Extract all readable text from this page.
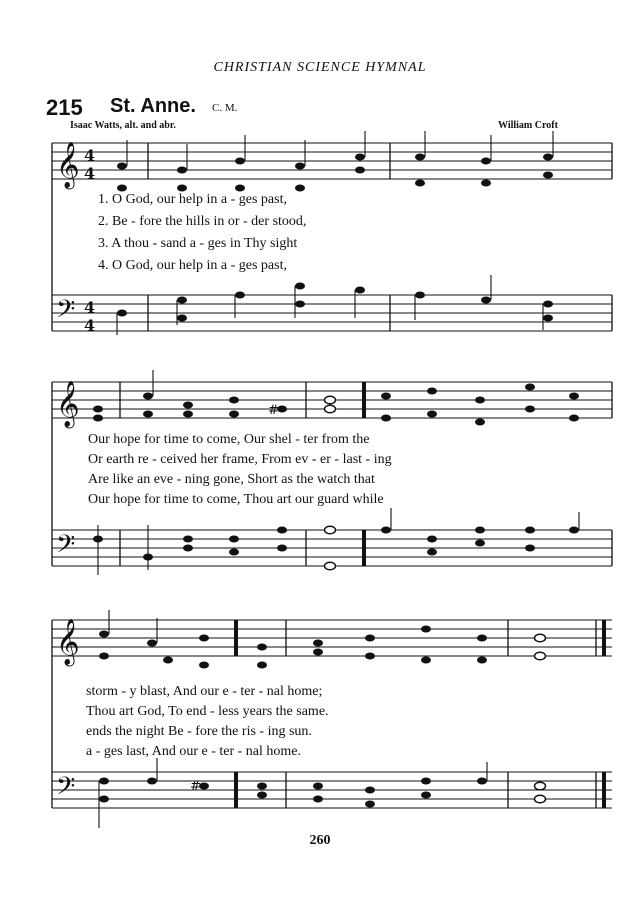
CHRISTIAN SCIENCE HYMNAL
215 St. Anne. C. M.
Isaac Watts, alt. and abr.	William Croft
𝄞
𝄢
4
4
4
4
𝄞
𝄢
#
𝄞
𝄢	#
1. O God, our help in a - ges past,
2. Be - fore the hills in or - der stood,
3. A thou - sand a - ges in Thy sight
4. O God, our help in a - ges past,
Our hope for time to come, Our shel - ter from the
Or earth re - ceived her frame, From ev - er - last - ing
Are like an eve - ning gone, Short as the watch that
Our hope for time to come, Thou art our guard while
storm - y blast, And our e - ter - nal home;
Thou art God, To end - less years the same.
ends the night Be - fore the ris - ing sun.
a - ges last, And our e - ter - nal home.
260
